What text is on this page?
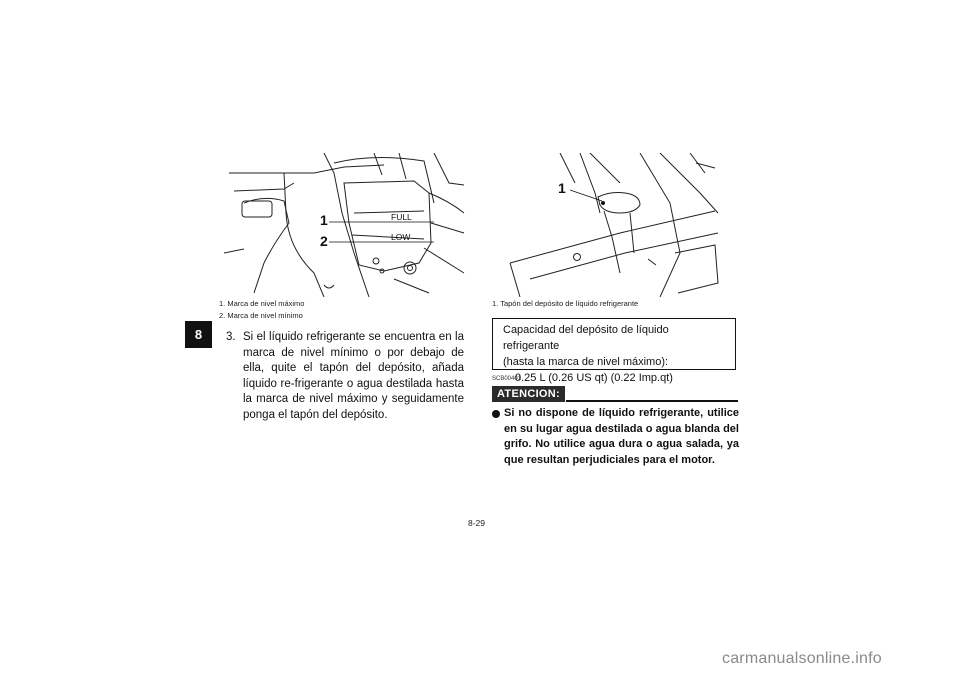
8
1
2
FULL
LOW
1. Marca de nivel máximo
2. Marca de nivel mínimo
1
1. Tapón del depósito de líquido refrigerante
3. Si el líquido refrigerante se encuentra en la marca de nivel mínimo o por debajo de ella, quite el tapón del depósito, añada líquido re-frigerante o agua destilada hasta la marca de nivel máximo y seguidamente ponga el tapón del depósito.
Capacidad del depósito de líquido refrigerante
(hasta la marca de nivel máximo):
0.25 L (0.26 US qt) (0.22 Imp.qt)
SCB00401
ATENCION:
Si no dispone de líquido refrigerante, utilice en su lugar agua destilada o agua blanda del grifo. No utilice agua dura o agua salada, ya que resultan perjudiciales para el motor.
8-29
carmanualsonline.info
